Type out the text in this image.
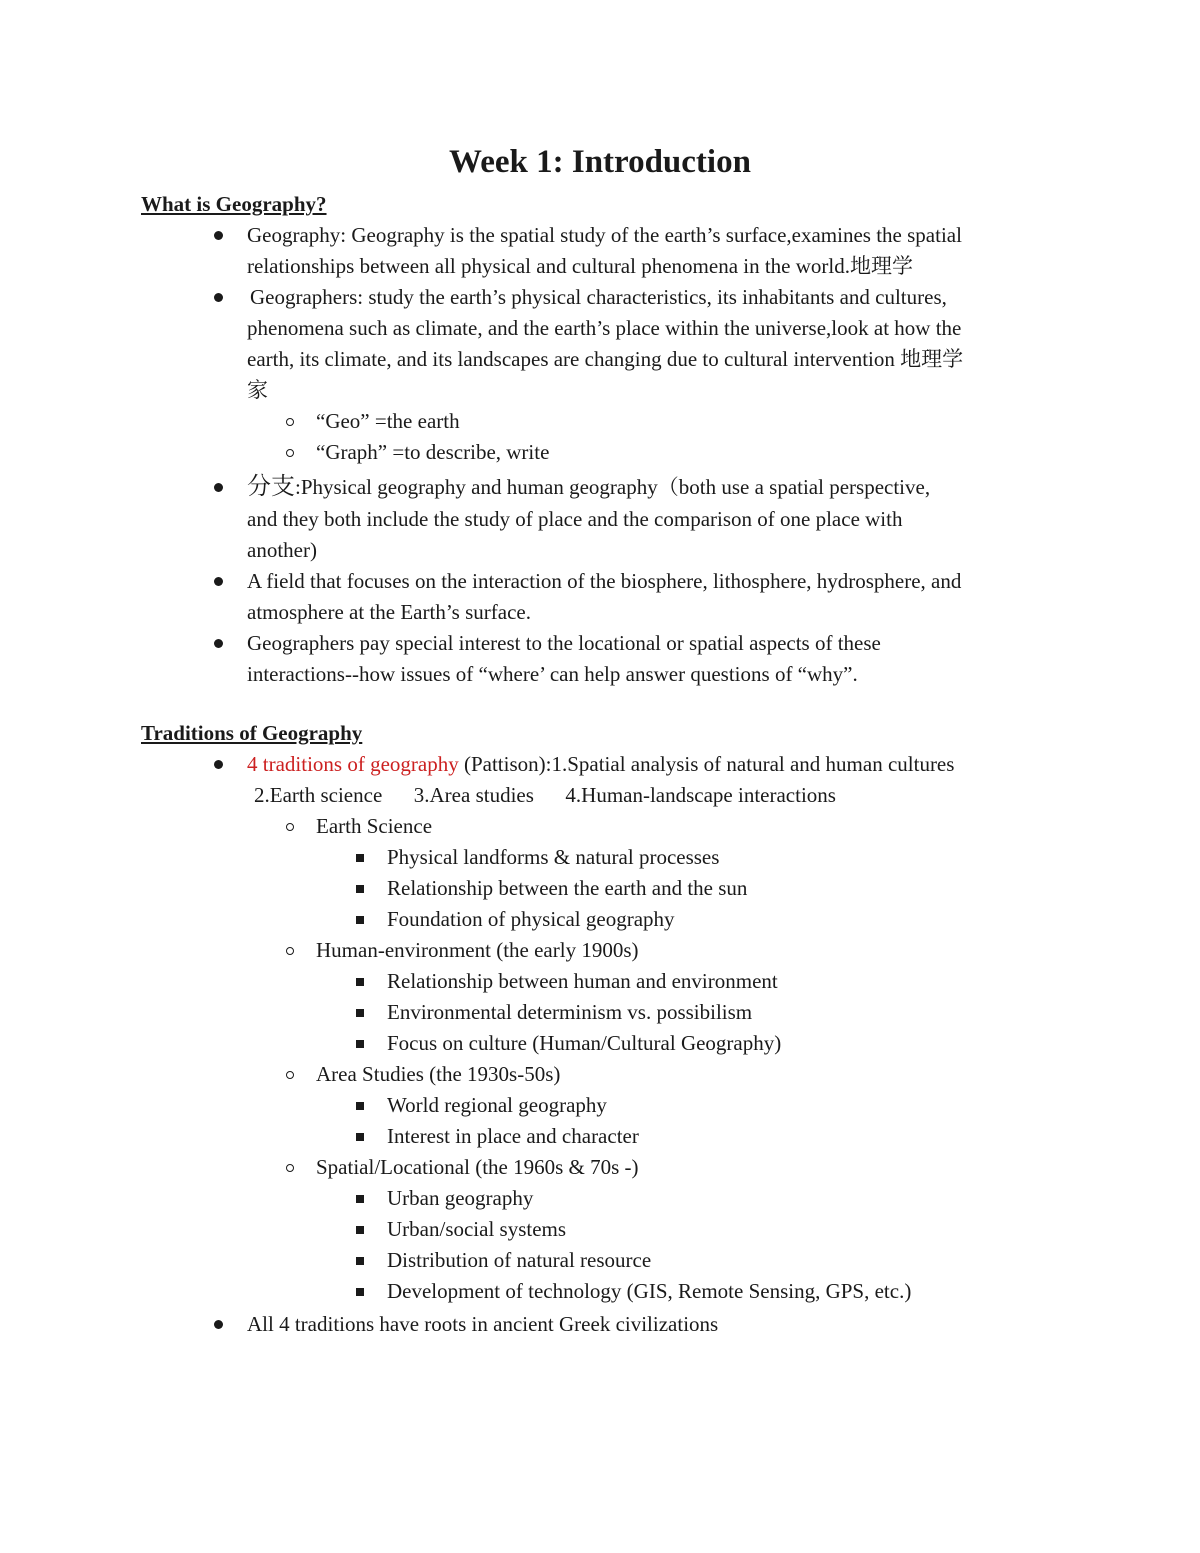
Week 1: Introduction
What is Geography?
Geography: Geography is the spatial study of the earth’s surface,examines the spatial
relationships between all physical and cultural phenomena in the world.地理学
Geographers: study the earth’s physical characteristics, its inhabitants and cultures,
phenomena such as climate, and the earth’s place within the universe,look at how the
earth, its climate, and its landscapes are changing due to cultural intervention 地理学
家
“Geo” =the earth
“Graph” =to describe, write
分支:Physical geography and human geography（both use a spatial perspective,
and they both include the study of place and the comparison of one place with
another)
A field that focuses on the interaction of the biosphere, lithosphere, hydrosphere, and
atmosphere at the Earth’s surface.
Geographers pay special interest to the locational or spatial aspects of these
interactions--how issues of “where’ can help answer questions of “why”.
Traditions of Geography
4 traditions of geography (Pattison):1.Spatial analysis of natural and human cultures
2.Earth science      3.Area studies      4.Human-landscape interactions
Earth Science
Physical landforms & natural processes
Relationship between the earth and the sun
Foundation of physical geography
Human-environment (the early 1900s)
Relationship between human and environment
Environmental determinism vs. possibilism
Focus on culture (Human/Cultural Geography)
Area Studies (the 1930s-50s)
World regional geography
Interest in place and character
Spatial/Locational (the 1960s & 70s -)
Urban geography
Urban/social systems
Distribution of natural resource
Development of technology (GIS, Remote Sensing, GPS, etc.)
All 4 traditions have roots in ancient Greek civilizations
